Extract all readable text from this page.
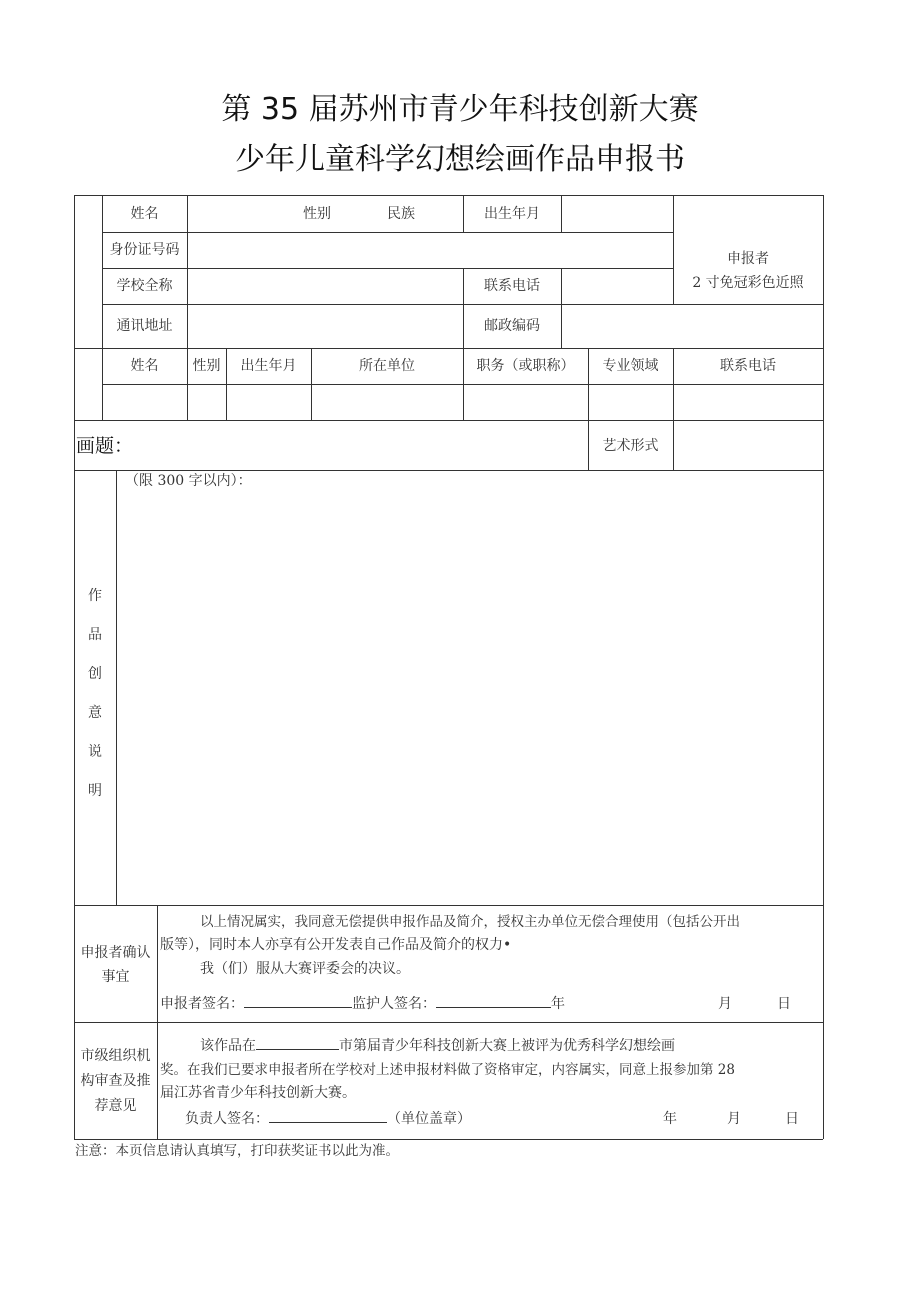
第 35 届苏州市青少年科技创新大赛
少年儿童科学幻想绘画作品申报书
姓名	性别	民族	出生年月
身份证号码
学校全称	联系电话
通讯地址	邮政编码
申报者
2 寸免冠彩色近照
姓名	性别	出生年月	所在单位	职务（或职称）	专业领域	联系电话
画题：	艺术形式
作
品
创
意
说
明
（限 300 字以内）：
申报者确认
事宜
以上情况属实，我同意无偿提供申报作品及简介，授权主办单位无偿合理使用（包括公开出
版等），同时本人亦享有公开发表自己作品及简介的权力•
我（们）服从大赛评委会的决议。
申报者签名：	监护人签名：	年	月	日
市级组织机
构审查及推
荐意见
该作品在	市第届青少年科技创新大赛上被评为优秀科学幻想绘画
奖。在我们已要求申报者所在学校对上述申报材料做了资格审定，内容属实，同意上报参加第 28
届江苏省青少年科技创新大赛。
负责人签名：	（单位盖章）	年	月	日
注意：本页信息请认真填写，打印获奖证书以此为准。
